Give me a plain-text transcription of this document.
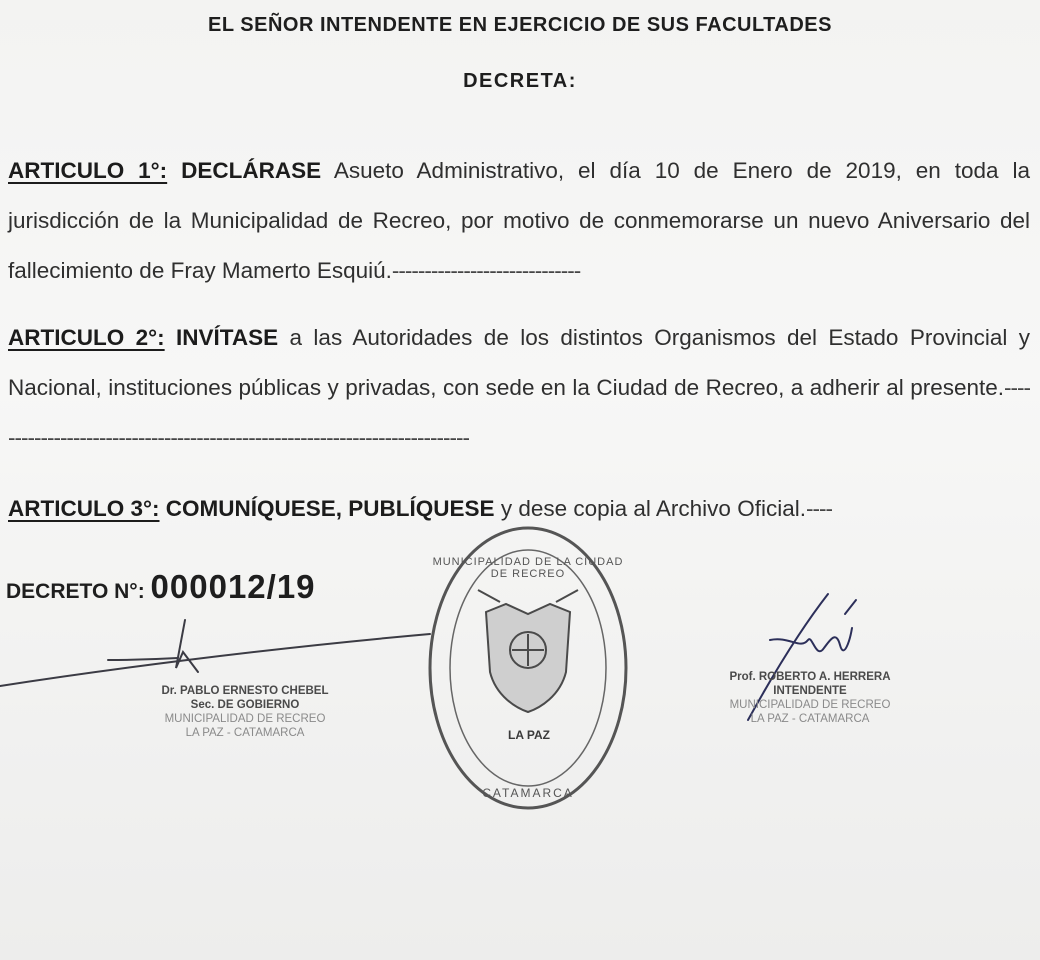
EL SEÑOR INTENDENTE EN EJERCICIO DE SUS FACULTADES
DECRETA:
ARTICULO 1°: DECLÁRASE Asueto Administrativo, el día 10 de Enero de 2019, en toda la jurisdicción de la Municipalidad de Recreo, por motivo de conmemorarse un nuevo Aniversario del fallecimiento de Fray Mamerto Esquiú.-----------------------------
ARTICULO 2°: INVÍTASE a las Autoridades de los distintos Organismos del Estado Provincial y Nacional, instituciones públicas y privadas, con sede en la Ciudad de Recreo, a adherir al presente.---------------------------------------------------------------------------
ARTICULO 3°: COMUNÍQUESE, PUBLÍQUESE y dese copia al Archivo Oficial.----
DECRETO N°: 000012/19
LA PAZ
MUNICIPALIDAD DE LA CIUDAD DE RECREO
CATAMARCA
Dr. PABLO ERNESTO CHEBEL
Sec. DE GOBIERNO
MUNICIPALIDAD DE RECREO
LA PAZ - CATAMARCA
Prof. ROBERTO A. HERRERA
INTENDENTE
MUNICIPALIDAD DE RECREO
LA PAZ - CATAMARCA
